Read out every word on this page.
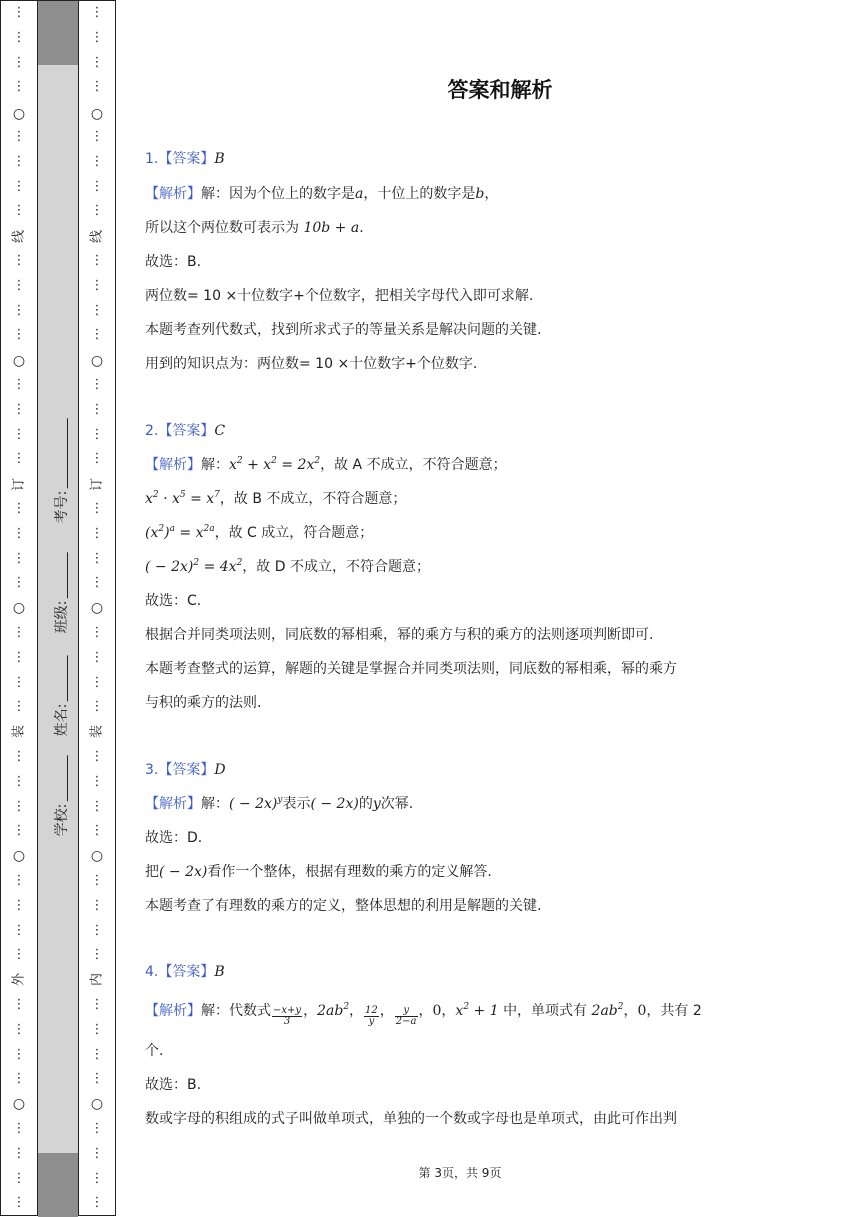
⋮
⋮
⋮
⋮
⋮
⋮
⋮
⋮
⋮
⋮
⋮
⋮
⋮
⋮
⋮
⋮
⋮
⋮
⋮
⋮
⋮
⋮
⋮
⋮
⋮
⋮
⋮
⋮
⋮
⋮
⋮
⋮
⋮
⋮
⋮
⋮
⋮
⋮
⋮
⋮
○
○
○
○
○
线
订
装
外
⋮
⋮
⋮
⋮
⋮
⋮
⋮
⋮
⋮
⋮
⋮
⋮
⋮
⋮
⋮
⋮
⋮
⋮
⋮
⋮
⋮
⋮
⋮
⋮
⋮
⋮
⋮
⋮
⋮
⋮
⋮
⋮
⋮
⋮
⋮
⋮
⋮
⋮
⋮
⋮
○
○
○
○
○
线
订
装
内
学校:
姓名:
班级:
考号:
答案和解析
1.【答案】B
【解析】解：因为个位上的数字是a，十位上的数字是b，
所以这个两位数可表示为 10b + a.
故选：B.
两位数= 10 ×十位数字+个位数字，把相关字母代入即可求解.
本题考查列代数式，找到所求式子的等量关系是解决问题的关键.
用到的知识点为：两位数= 10 ×十位数字+个位数字.
2.【答案】C
【解析】解：$x^2 + x^2 = 2x^2$，故 A 不成立，不符合题意；
$x^2 \cdot x^5 = x^7$，故 B 不成立，不符合题意；
$(x^2)^a = x^{2a}$，故 C 成立，符合题意；
( − $2x)^2 = 4x^2$，故 D 不成立，不符合题意；
故选：C.
根据合并同类项法则，同底数的幂相乘，幂的乘方与积的乘方的法则逐项判断即可.
本题考查整式的运算，解题的关键是掌握合并同类项法则，同底数的幂相乘，幂的乘方
与积的乘方的法则.
3.【答案】D
【解析】解：( − 2x)$^y$表示( − 2x)的y次幂.
故选：D.
把( − 2x)看作一个整体，根据有理数的乘方的定义解答.
本题考查了有理数的乘方的定义，整体思想的利用是解题的关键.
4.【答案】B
【解析】解：代数式 $\frac{-x+y}{3}$ ，$2ab^2$， $\frac{12}{y}$ ， $\frac{y}{2-a}$ ，0，$x^2 + 1$ 中，单项式有 $2ab^2$，0，共有 2
个.
故选：B.
数或字母的积组成的式子叫做单项式，单独的一个数或字母也是单项式，由此可作出判
第 3页，共 9页
